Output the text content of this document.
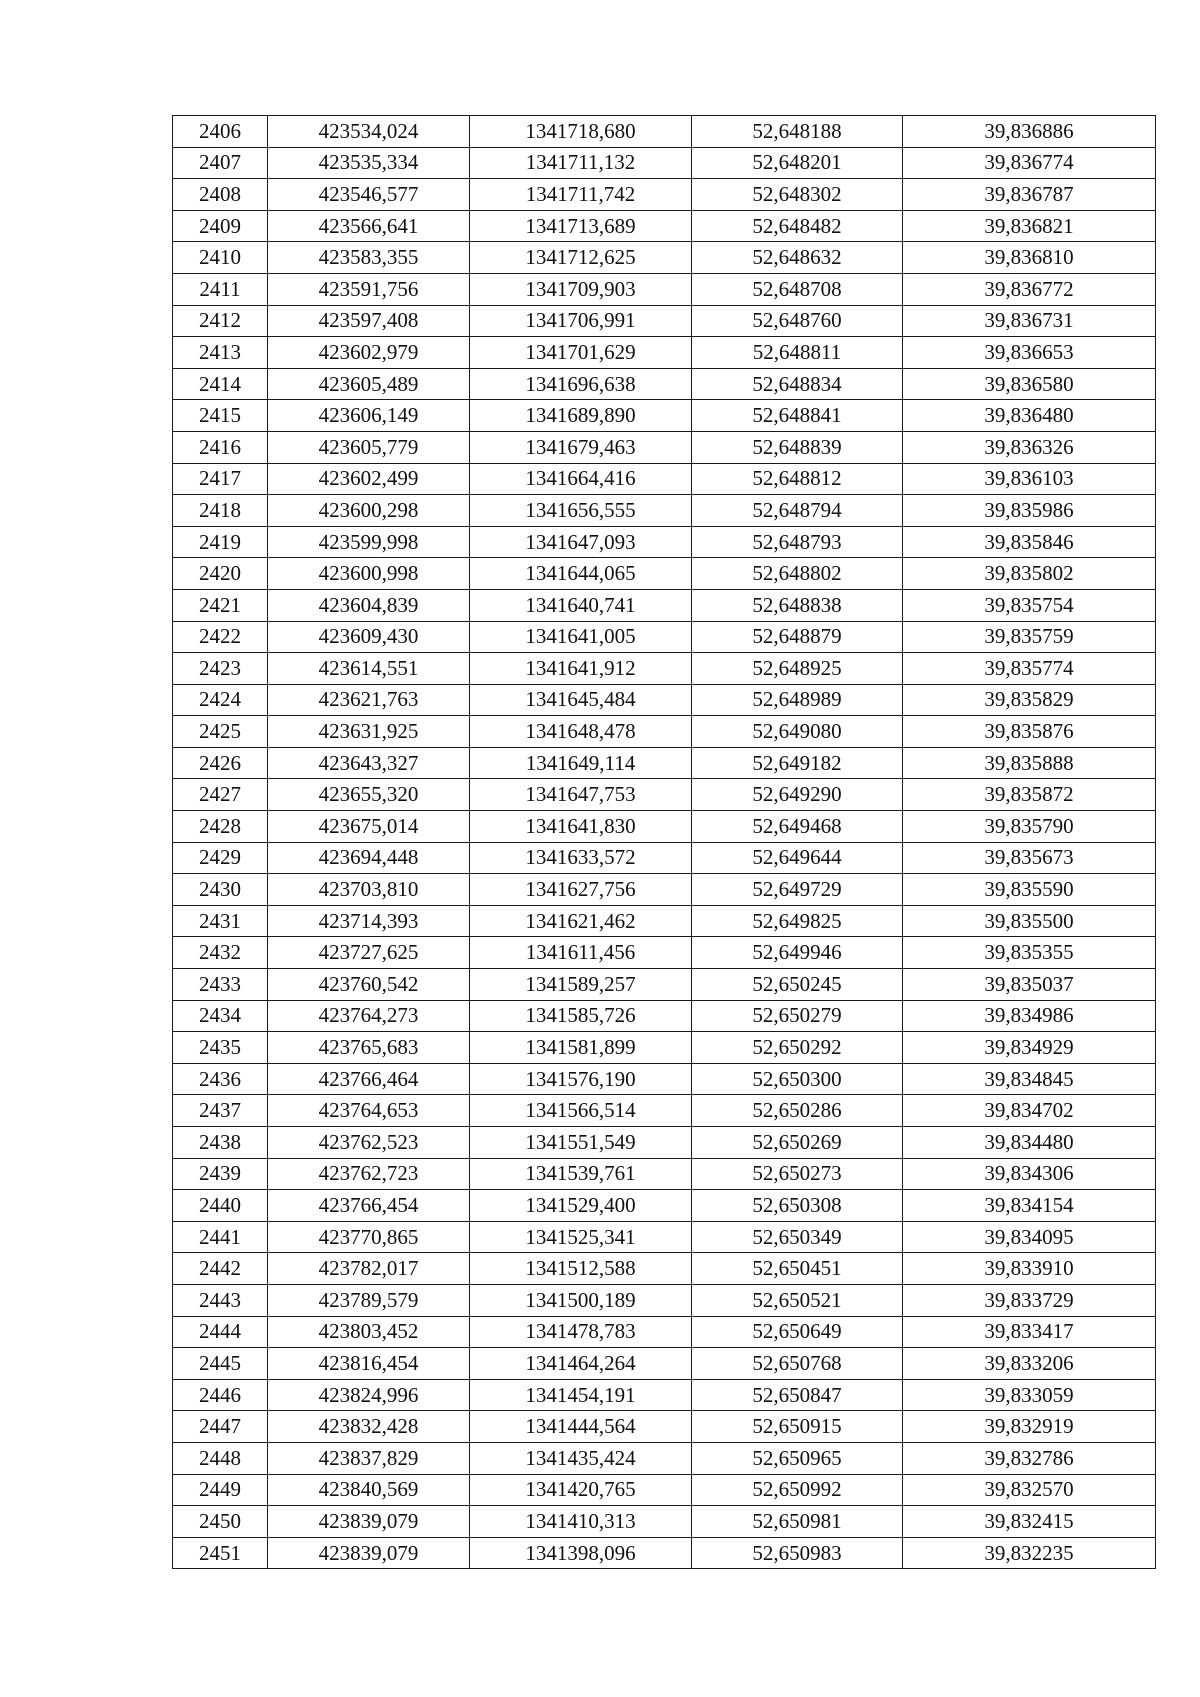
2406	423534,024	1341718,680	52,648188	39,836886
2407	423535,334	1341711,132	52,648201	39,836774
2408	423546,577	1341711,742	52,648302	39,836787
2409	423566,641	1341713,689	52,648482	39,836821
2410	423583,355	1341712,625	52,648632	39,836810
2411	423591,756	1341709,903	52,648708	39,836772
2412	423597,408	1341706,991	52,648760	39,836731
2413	423602,979	1341701,629	52,648811	39,836653
2414	423605,489	1341696,638	52,648834	39,836580
2415	423606,149	1341689,890	52,648841	39,836480
2416	423605,779	1341679,463	52,648839	39,836326
2417	423602,499	1341664,416	52,648812	39,836103
2418	423600,298	1341656,555	52,648794	39,835986
2419	423599,998	1341647,093	52,648793	39,835846
2420	423600,998	1341644,065	52,648802	39,835802
2421	423604,839	1341640,741	52,648838	39,835754
2422	423609,430	1341641,005	52,648879	39,835759
2423	423614,551	1341641,912	52,648925	39,835774
2424	423621,763	1341645,484	52,648989	39,835829
2425	423631,925	1341648,478	52,649080	39,835876
2426	423643,327	1341649,114	52,649182	39,835888
2427	423655,320	1341647,753	52,649290	39,835872
2428	423675,014	1341641,830	52,649468	39,835790
2429	423694,448	1341633,572	52,649644	39,835673
2430	423703,810	1341627,756	52,649729	39,835590
2431	423714,393	1341621,462	52,649825	39,835500
2432	423727,625	1341611,456	52,649946	39,835355
2433	423760,542	1341589,257	52,650245	39,835037
2434	423764,273	1341585,726	52,650279	39,834986
2435	423765,683	1341581,899	52,650292	39,834929
2436	423766,464	1341576,190	52,650300	39,834845
2437	423764,653	1341566,514	52,650286	39,834702
2438	423762,523	1341551,549	52,650269	39,834480
2439	423762,723	1341539,761	52,650273	39,834306
2440	423766,454	1341529,400	52,650308	39,834154
2441	423770,865	1341525,341	52,650349	39,834095
2442	423782,017	1341512,588	52,650451	39,833910
2443	423789,579	1341500,189	52,650521	39,833729
2444	423803,452	1341478,783	52,650649	39,833417
2445	423816,454	1341464,264	52,650768	39,833206
2446	423824,996	1341454,191	52,650847	39,833059
2447	423832,428	1341444,564	52,650915	39,832919
2448	423837,829	1341435,424	52,650965	39,832786
2449	423840,569	1341420,765	52,650992	39,832570
2450	423839,079	1341410,313	52,650981	39,832415
2451	423839,079	1341398,096	52,650983	39,832235
